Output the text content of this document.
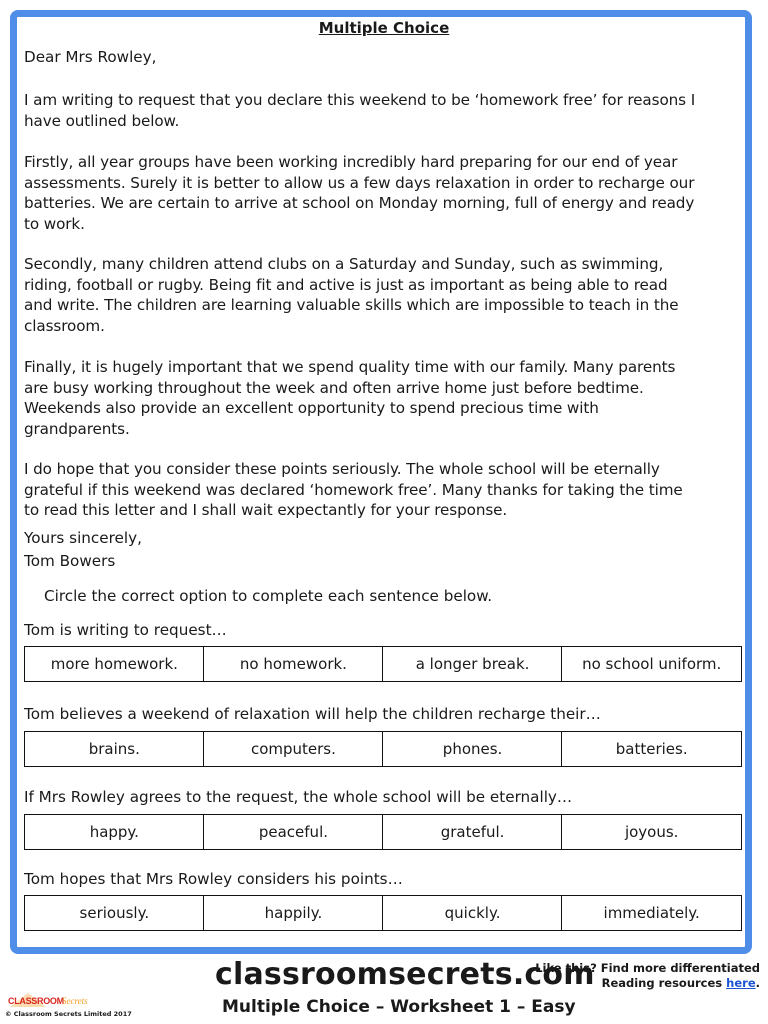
Multiple Choice

Dear Mrs Rowley,

I am writing to request that you declare this weekend to be ‘homework free’ for reasons I
have outlined below.

Firstly, all year groups have been working incredibly hard preparing for our end of year
assessments. Surely it is better to allow us a few days relaxation in order to recharge our
batteries. We are certain to arrive at school on Monday morning, full of energy and ready
to work.

Secondly, many children attend clubs on a Saturday and Sunday, such as swimming,
riding, football or rugby. Being fit and active is just as important as being able to read
and write. The children are learning valuable skills which are impossible to teach in the
classroom.

Finally, it is hugely important that we spend quality time with our family. Many parents
are busy working throughout the week and often arrive home just before bedtime.
Weekends also provide an excellent opportunity to spend precious time with
grandparents.

I do hope that you consider these points seriously. The whole school will be eternally
grateful if this weekend was declared ‘homework free’. Many thanks for taking the time
to read this letter and I shall wait expectantly for your response.

Yours sincerely,

Tom Bowers

Circle the correct option to complete each sentence below.
Tom is writing to request…
more homework.	no homework.	a longer break.	no school uniform.
Tom believes a weekend of relaxation will help the children recharge their…
brains.	computers.	phones.	batteries.
If Mrs Rowley agrees to the request, the whole school will be eternally…
happy.	peaceful.	grateful.	joyous.
Tom hopes that Mrs Rowley considers his points…
seriously.	happily.	quickly.	immediately.
CLASSROOM
Secrets
© Classroom Secrets Limited 2017
classroomsecrets.com
Multiple Choice – Worksheet 1 – Easy
Like this? Find more differentiated
Reading resources here.
